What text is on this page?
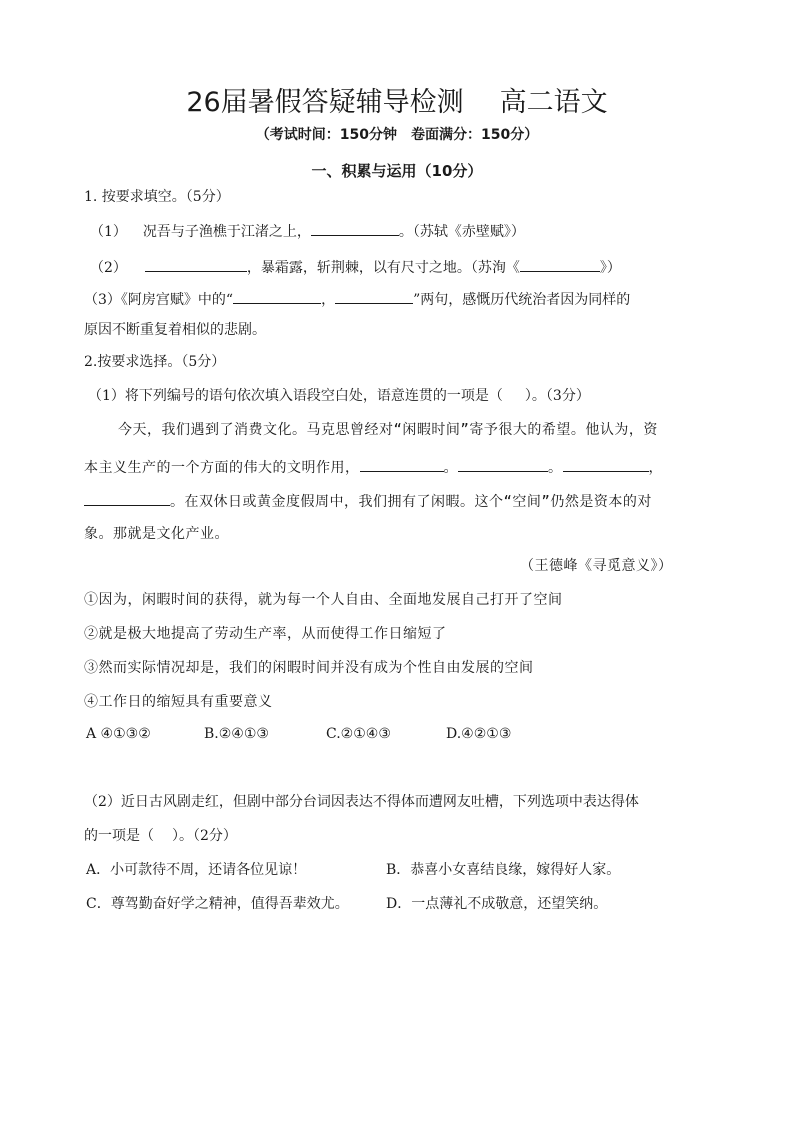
26届暑假答疑辅导检测 高二语文
（考试时间：150分钟　卷面满分：150分）
一、积累与运用（10分）
1. 按要求填空。（5分）
（1） 况吾与子渔樵于江渚之上，	。（苏轼《赤壁赋》）
（2）	，暴霜露，斩荆棘，以有尺寸之地。（苏洵《	》）
（3）《阿房宫赋》中的“	，	”两句，感慨历代统治者因为同样的
原因不断重复着相似的悲剧。
2.按要求选择。（5分）
（1）将下列编号的语句依次填入语段空白处，语意连贯的一项是（ ）。（3分）
今天，我们遇到了消费文化。马克思曾经对“闲暇时间”寄予很大的希望。他认为，资
本主义生产的一个方面的伟大的文明作用，	。	。	，
。在双休日或黄金度假周中，我们拥有了闲暇。这个“空间”仍然是资本的对
象。那就是文化产业。
（王德峰《寻觅意义》）
①因为，闲暇时间的获得，就为每一个人自由、全面地发展自己打开了空间
②就是极大地提高了劳动生产率，从而使得工作日缩短了
③然而实际情况却是，我们的闲暇时间并没有成为个性自由发展的空间
④工作日的缩短具有重要意义
A ④①③②	B.②④①③	C.②①④③	D.④②①③
（2）近日古风剧走红，但剧中部分台词因表达不得体而遭网友吐槽，下列选项中表达得体
的一项是（ ）。（2分）
A．小可款待不周，还请各位见谅！	B．恭喜小女喜结良缘，嫁得好人家。
C．尊驾勤奋好学之精神，值得吾辈效尤。	D．一点薄礼不成敬意，还望笑纳。
